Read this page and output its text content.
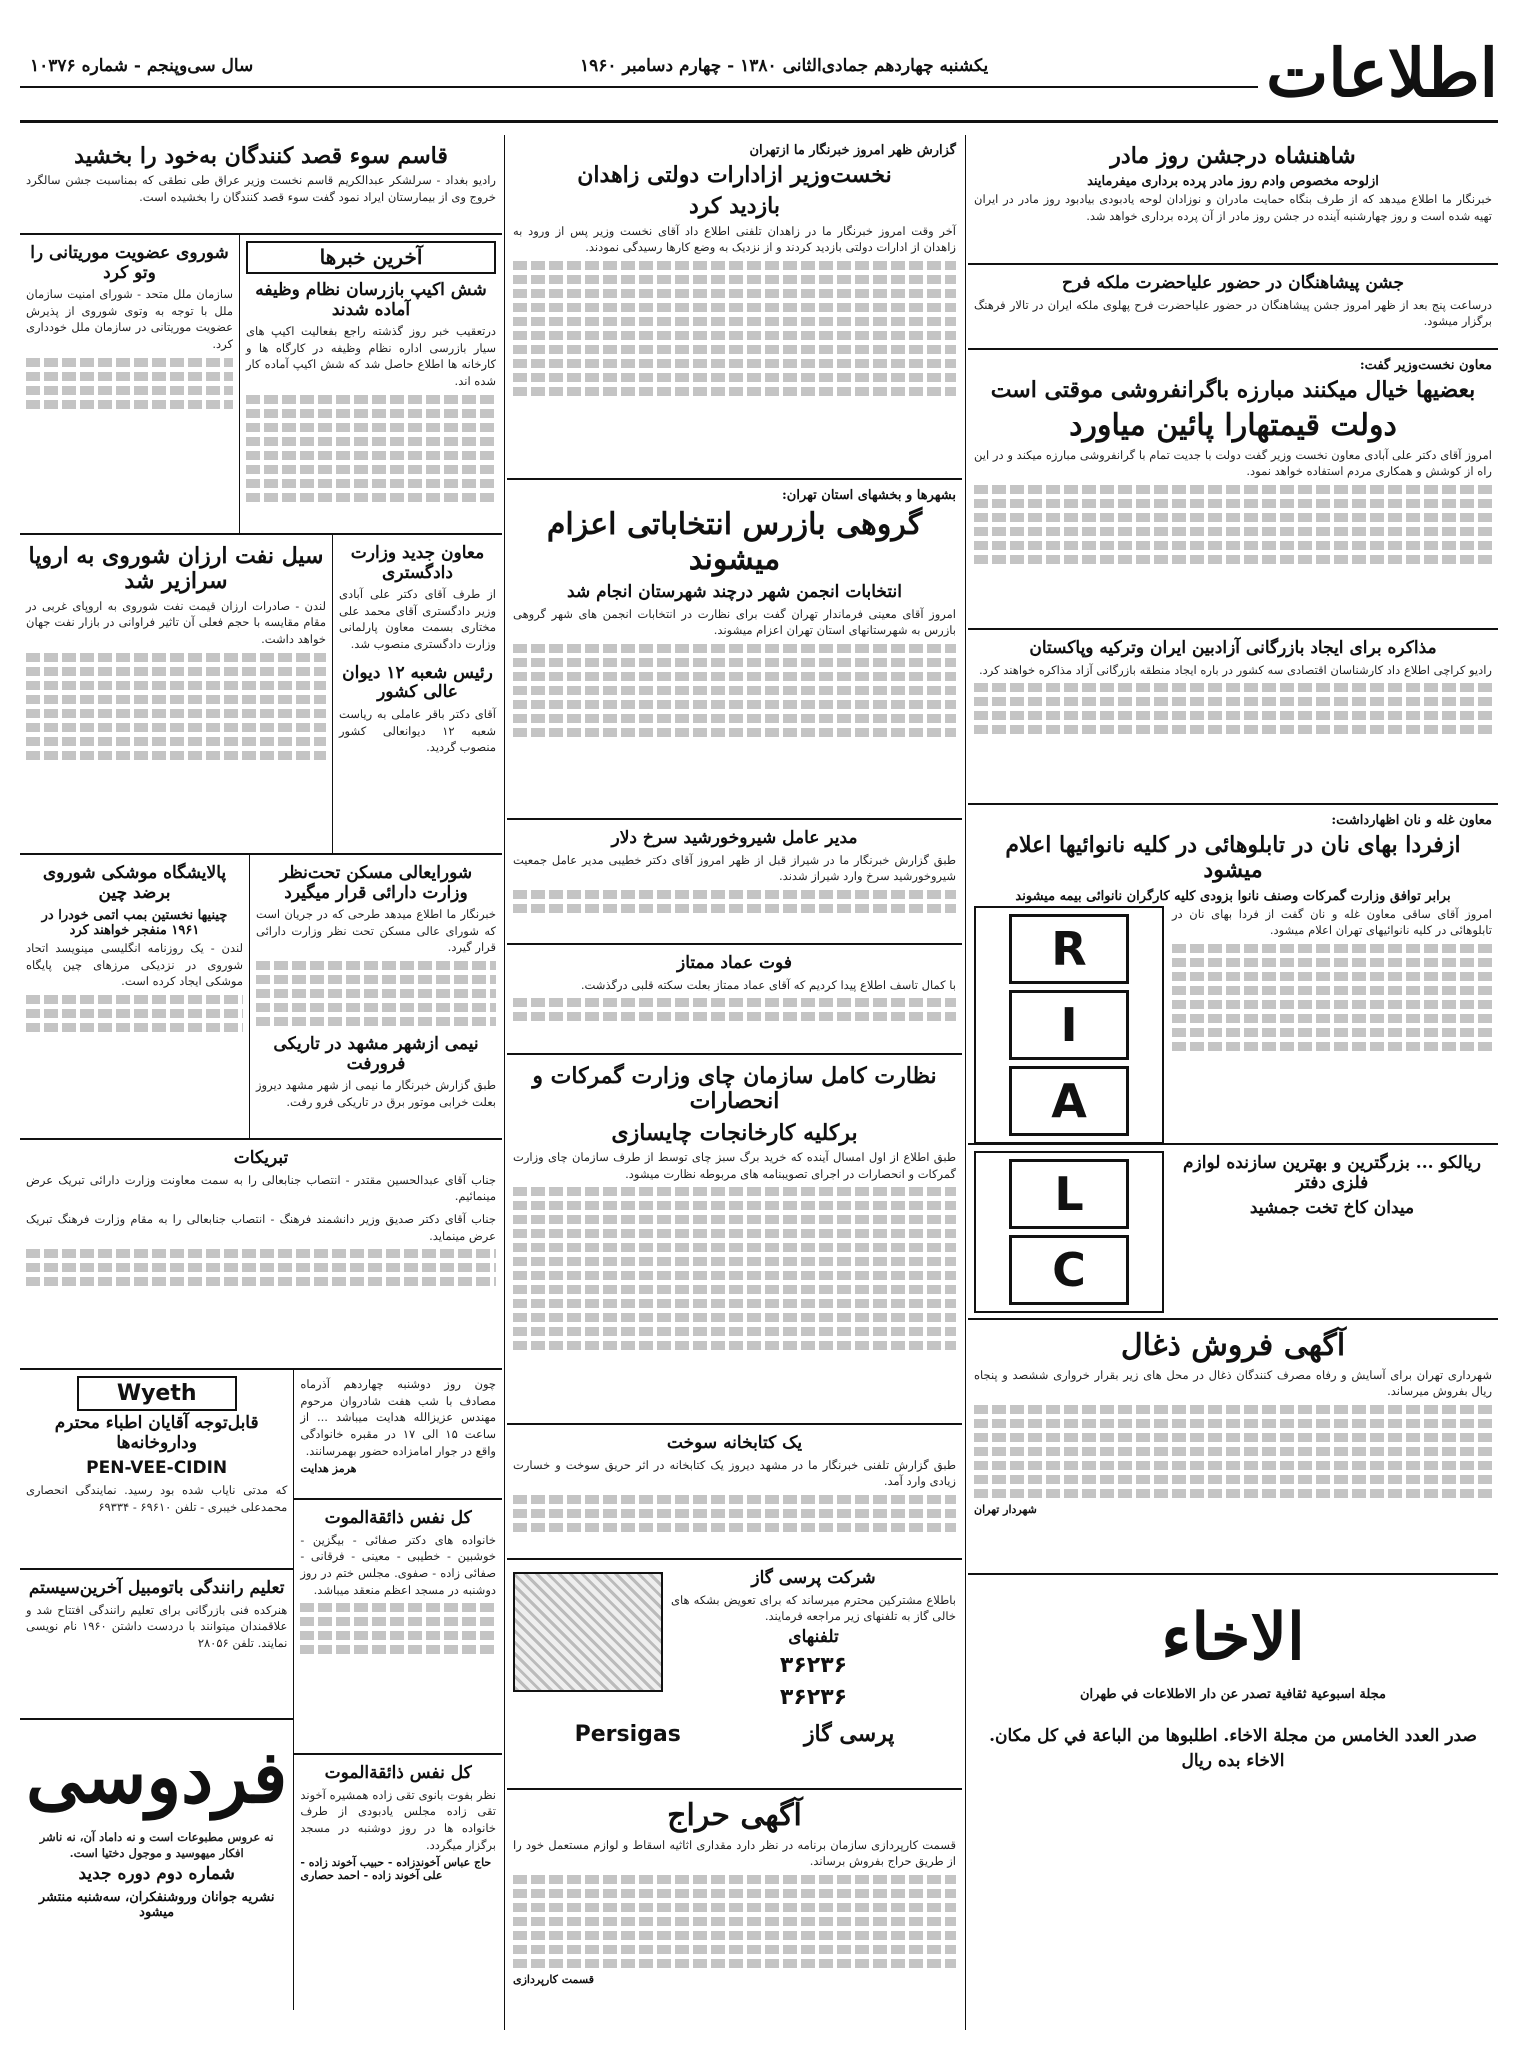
اطلاعات
یکشنبه چهاردهم جمادی‌الثانی ۱۳۸۰ - چهارم دسامبر ۱۹۶۰
سال سی‌وپنجم - شماره ۱۰۳۷۶
شاهنشاه درجشن روز مادر
ازلوحه مخصوص وادم روز مادر پرده برداری میفرمایند
خبرنگار ما اطلاع میدهد که از طرف بنگاه حمایت مادران و نوزادان لوحه یادبودی بیادبود روز مادر در ایران تهیه شده است و روز چهارشنبه آینده در جشن روز مادر از آن پرده برداری خواهد شد.
جشن پیشاهنگان در حضور علیاحضرت ملکه فرح
درساعت پنج بعد از ظهر امروز جشن پیشاهنگان در حضور علیاحضرت فرح پهلوی ملکه ایران در تالار فرهنگ برگزار میشود.
معاون نخست‌وزیر گفت:
بعضیها خیال میکنند مبارزه باگرانفروشی موقتی است
دولت قیمتهارا پائین میاورد
امروز آقای دکتر علی آبادی معاون نخست وزیر گفت دولت با جدیت تمام با گرانفروشی مبارزه میکند و در این راه از کوشش و همکاری مردم استفاده خواهد نمود.
مذاکره برای ایجاد بازرگانی آزادبین ایران وترکیه وپاکستان
رادیو کراچی اطلاع داد کارشناسان اقتصادی سه کشور در باره ایجاد منطقه بازرگانی آزاد مذاکره خواهند کرد.
معاون غله و نان اظهارداشت:
ازفردا بهای نان در تابلوهائی در کلیه نانوائیها اعلام میشود
برابر توافق وزارت گمرکات وصنف نانوا بزودی کلیه کارگران نانوائی بیمه میشوند
امروز آقای ساقی معاون غله و نان گفت از فردا بهای نان در تابلوهائی در کلیه نانوائیهای تهران اعلام میشود.
R
I
A
ریالکو ... بزرگترین و بهترین سازنده لوازم فلزی دفتر
میدان کاخ تخت جمشید
L
C
آگهی فروش ذغال
شهرداری تهران برای آسایش و رفاه مصرف کنندگان ذغال در محل های زیر بقرار خرواری ششصد و پنجاه ریال بفروش میرساند.
شهردار تهران
الاخاء
مجلة اسبوعية ثقافية تصدر عن دار الاطلاعات في طهران
صدر العدد الخامس من مجلة الاخاء. اطلبوها من الباعة في كل مکان.
الاخاء بده ریال
گزارش ظهر امروز خبرنگار ما ازتهران
نخست‌وزیر ازادارات دولتی زاهدان
بازدید کرد
آخر وقت امروز خبرنگار ما در زاهدان تلفنی اطلاع داد آقای نخست وزیر پس از ورود به زاهدان از ادارات دولتی بازدید کردند و از نزدیک به وضع کارها رسیدگی نمودند.
بشهرها و بخشهای استان تهران:
گروهی بازرس انتخاباتی اعزام میشوند
انتخابات انجمن شهر درچند شهرستان انجام شد
امروز آقای معینی فرماندار تهران گفت برای نظارت در انتخابات انجمن های شهر گروهی بازرس به شهرستانهای استان تهران اعزام میشوند.
مدیر عامل شیروخورشید سرخ دلار
طبق گزارش خبرنگار ما در شیراز قبل از ظهر امروز آقای دکتر خطیبی مدیر عامل جمعیت شیروخورشید سرخ وارد شیراز شدند.
فوت عماد ممتاز
با کمال تاسف اطلاع پیدا کردیم که آقای عماد ممتاز بعلت سکته قلبی درگذشت.
نظارت کامل سازمان چای وزارت گمرکات و انحصارات
برکلیه کارخانجات چایسازی
طبق اطلاع از اول امسال آینده که خرید برگ سبز چای توسط از طرف سازمان چای وزارت گمرکات و انحصارات در اجرای تصویبنامه های مربوطه نظارت میشود.
یک کتابخانه سوخت
طبق گزارش تلفنی خبرنگار ما در مشهد دیروز یک کتابخانه در اثر حریق سوخت و خسارت زیادی وارد آمد.
شرکت پرسی گاز
باطلاع مشترکین محترم میرساند که برای تعویض بشکه های خالی گاز به تلفنهای زیر مراجعه فرمایند.
تلفنهای
۳۶۲۳۶
۳۶۲۳۶
پرسی گاز
Persigas
آگهی حراج
قسمت کارپردازی سازمان برنامه در نظر دارد مقداری اثاثیه اسقاط و لوازم مستعمل خود را از طریق حراج بفروش برساند.
قسمت کارپردازی
قاسم سوء قصد کنندگان به‌خود را بخشید
رادیو بغداد - سرلشکر عبدالکریم قاسم نخست وزیر عراق طی نطقی که بمناسبت جشن سالگرد خروج وی از بیمارستان ایراد نمود گفت سوء قصد کنندگان را بخشیده است.
آخرین خبرها
شش اکیپ بازرسان نظام وظیفه آماده شدند
درتعقیب خبر روز گذشته راجع بفعالیت اکیپ های سیار بازرسی اداره نظام وظیفه در کارگاه ها و کارخانه ها اطلاع حاصل شد که شش اکیپ آماده کار شده اند.
شوروی عضویت موریتانی را وتو کرد
سازمان ملل متحد - شورای امنیت سازمان ملل با توجه به وتوی شوروی از پذیرش عضویت موریتانی در سازمان ملل خودداری کرد.
معاون جدید وزارت دادگستری
از طرف آقای دکتر علی آبادی وزیر دادگستری آقای محمد علی مختاری بسمت معاون پارلمانی وزارت دادگستری منصوب شد.
رئیس شعبه ۱۲ دیوان عالی کشور
آقای دکتر باقر عاملی به ریاست شعبه ۱۲ دیوانعالی کشور منصوب گردید.
سیل نفت ارزان شوروی به اروپا سرازیر شد
لندن - صادرات ارزان قیمت نفت شوروی به اروپای غربی در مقام مقایسه با حجم فعلی آن تاثیر فراوانی در بازار نفت جهان خواهد داشت.
شورایعالی مسکن تحت‌نظر وزارت دارائی قرار میگیرد
خبرنگار ما اطلاع میدهد طرحی که در جریان است که شورای عالی مسکن تحت نظر وزارت دارائی قرار گیرد.
نیمی ازشهر مشهد در تاریکی فرورفت
طبق گزارش خبرنگار ما نیمی از شهر مشهد دیروز بعلت خرابی موتور برق در تاریکی فرو رفت.
پالایشگاه موشکی شوروی برضد چین
چینیها نخستین بمب اتمی خودرا در ۱۹۶۱ منفجر خواهند کرد
لندن - یک روزنامه انگلیسی مینویسد اتحاد شوروی در نزدیکی مرزهای چین پایگاه موشکی ایجاد کرده است.
تبریکات
جناب آقای عبدالحسین مقتدر - انتصاب جنابعالی را به سمت معاونت وزارت دارائی تبریک عرض مینمائیم.
جناب آقای دکتر صدیق وزیر دانشمند فرهنگ - انتصاب جنابعالی را به مقام وزارت فرهنگ تبریک عرض مینماید.
چون روز دوشنبه چهاردهم آذرماه مصادف با شب هفت شادروان مرحوم مهندس عزیزالله هدایت میباشد ... از ساعت ۱۵ الی ۱۷ در مقبره خانوادگی واقع در جوار امامزاده حضور بهمرسانند.
هرمز هدایت
کل نفس ذائقة‌الموت
خانواده های دکتر صفائی - بیگزین - خوشبین - خطیبی - معینی - فرقانی - صفائی زاده - صفوی. مجلس ختم در روز دوشنبه در مسجد اعظم منعقد میباشد.
کل نفس ذائقة‌الموت
نظر بفوت بانوی تقی زاده همشیره آخوند تقی زاده مجلس یادبودی از طرف خانواده ها در روز دوشنبه در مسجد برگزار میگردد.
حاج عباس آخوندزاده - حبیب آخوند زاده - علی آخوند زاده - احمد حصاری
Wyeth
قابل‌توجه آقایان اطباء محترم وداروخانه‌ها
PEN-VEE-CIDIN
که مدتی نایاب شده بود رسید. نمایندگی انحصاری محمدعلی خیبری - تلفن ۶۹۶۱۰ - ۶۹۳۳۴
تعلیم رانندگی باتومبیل آخرین‌سیستم
هنرکده فنی بازرگانی برای تعلیم رانندگی افتتاح شد و علاقمندان میتوانند با دردست داشتن ۱۹۶۰ نام نویسی نمایند. تلفن ۲۸۰۵۶
فردوسی
نه عروس مطبوعات است و نه داماد آن، نه ناشر افکار میهوسید و موجول دختیا است.
شماره دوم دوره جدید
نشریه جوانان وروشنفکران، سه‌شنبه منتشر میشود
